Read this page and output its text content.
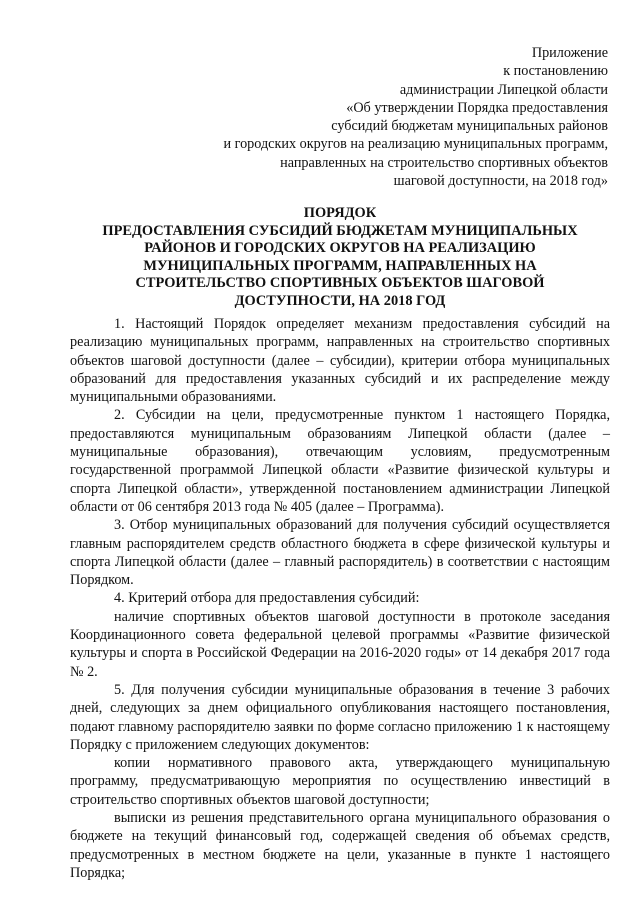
Приложение
к постановлению
администрации Липецкой области
«Об утверждении Порядка предоставления
субсидий бюджетам муниципальных районов
и городских округов на реализацию муниципальных программ,
направленных на строительство спортивных объектов
шаговой доступности, на 2018 год»
ПОРЯДОК
ПРЕДОСТАВЛЕНИЯ СУБСИДИЙ БЮДЖЕТАМ МУНИЦИПАЛЬНЫХ
РАЙОНОВ И ГОРОДСКИХ ОКРУГОВ НА РЕАЛИЗАЦИЮ
МУНИЦИПАЛЬНЫХ ПРОГРАММ, НАПРАВЛЕННЫХ НА
СТРОИТЕЛЬСТВО СПОРТИВНЫХ ОБЪЕКТОВ ШАГОВОЙ
ДОСТУПНОСТИ, НА 2018 ГОД

1. Настоящий Порядок определяет механизм предоставления субсидий на реализацию муниципальных программ, направленных на строительство спортивных объектов шаговой доступности (далее – субсидии), критерии отбора муниципальных образований для предоставления указанных субсидий и их распределение между муниципальными образованиями.

2. Субсидии на цели, предусмотренные пунктом 1 настоящего Порядка, предоставляются муниципальным образованиям Липецкой области (далее – муниципальные образования), отвечающим условиям, предусмотренным государственной программой Липецкой области «Развитие физической культуры и спорта Липецкой области», утвержденной постановлением администрации Липецкой области от 06 сентября 2013 года № 405 (далее – Программа).

3. Отбор муниципальных образований для получения субсидий осуществляется главным распорядителем средств областного бюджета в сфере физической культуры и спорта Липецкой области (далее – главный распорядитель) в соответствии с настоящим Порядком.

4. Критерий отбора для предоставления субсидий:

наличие спортивных объектов шаговой доступности в протоколе заседания Координационного совета федеральной целевой программы «Развитие физической культуры и спорта в Российской Федерации на 2016-2020 годы» от 14 декабря 2017 года № 2.

5. Для получения субсидии муниципальные образования в течение 3 рабочих дней, следующих за днем официального опубликования настоящего постановления, подают главному распорядителю заявки по форме согласно приложению 1 к настоящему Порядку с приложением следующих документов:

копии нормативного правового акта, утверждающего муниципальную программу, предусматривающую мероприятия по осуществлению инвестиций в строительство спортивных объектов шаговой доступности;

выписки из решения представительного органа муниципального образования о бюджете на текущий финансовый год, содержащей сведения об объемах средств, предусмотренных в местном бюджете на цели, указанные в пункте 1 настоящего Порядка;
